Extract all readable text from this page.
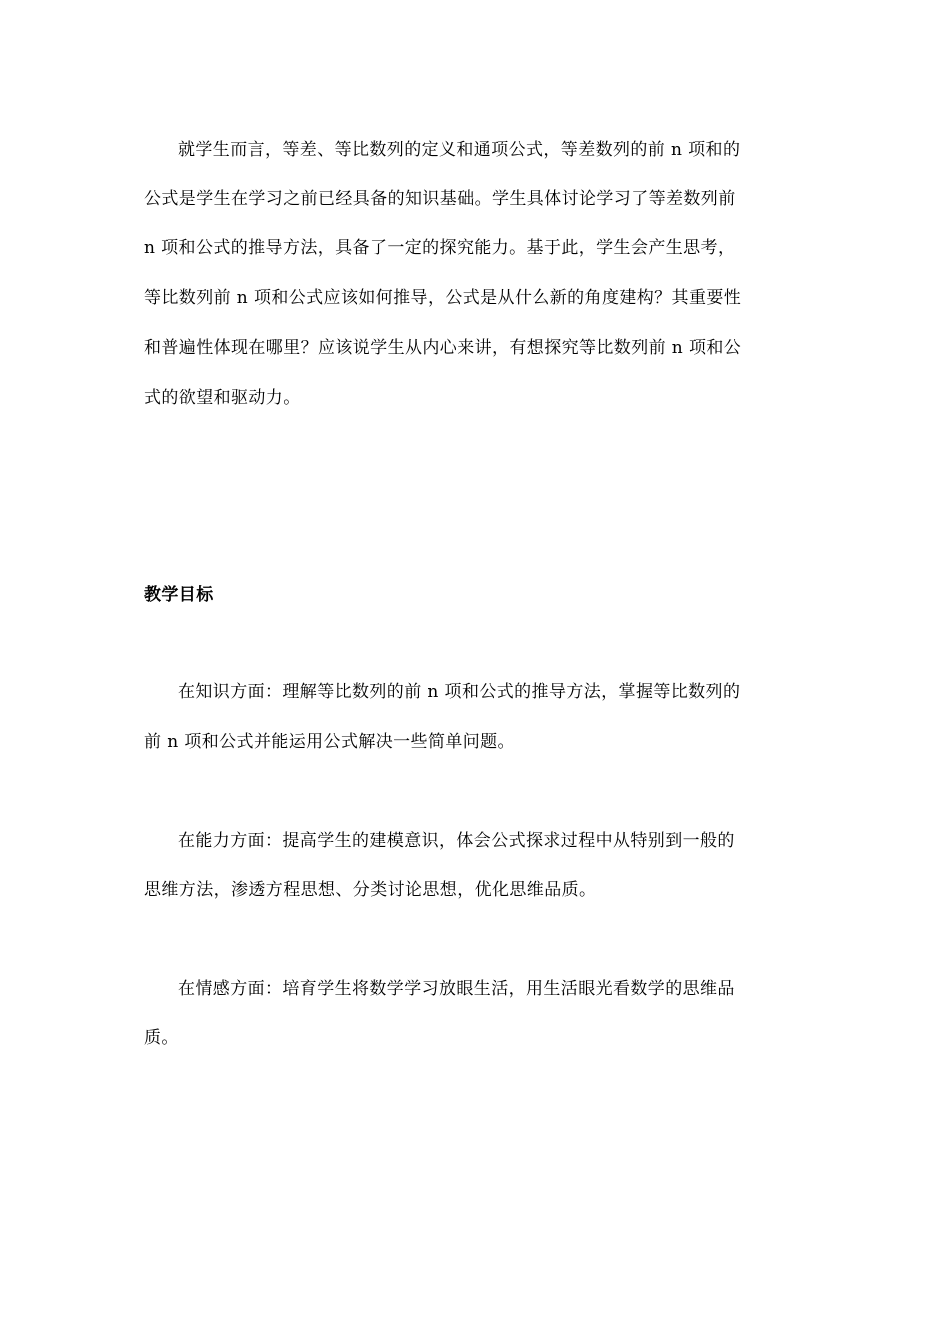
就学生而言，等差、等比数列的定义和通项公式，等差数列的前 n 项和的
公式是学生在学习之前已经具备的知识基础。学生具体讨论学习了等差数列前
n 项和公式的推导方法，具备了一定的探究能力。基于此，学生会产生思考，
等比数列前 n 项和公式应该如何推导，公式是从什么新的角度建构？其重要性
和普遍性体现在哪里？应该说学生从内心来讲，有想探究等比数列前 n 项和公
式的欲望和驱动力。
教学目标
在知识方面：理解等比数列的前 n 项和公式的推导方法，掌握等比数列的
前 n 项和公式并能运用公式解决一些简单问题。
在能力方面：提高学生的建模意识，体会公式探求过程中从特别到一般的
思维方法，渗透方程思想、分类讨论思想，优化思维品质。
在情感方面：培育学生将数学学习放眼生活，用生活眼光看数学的思维品
质。
